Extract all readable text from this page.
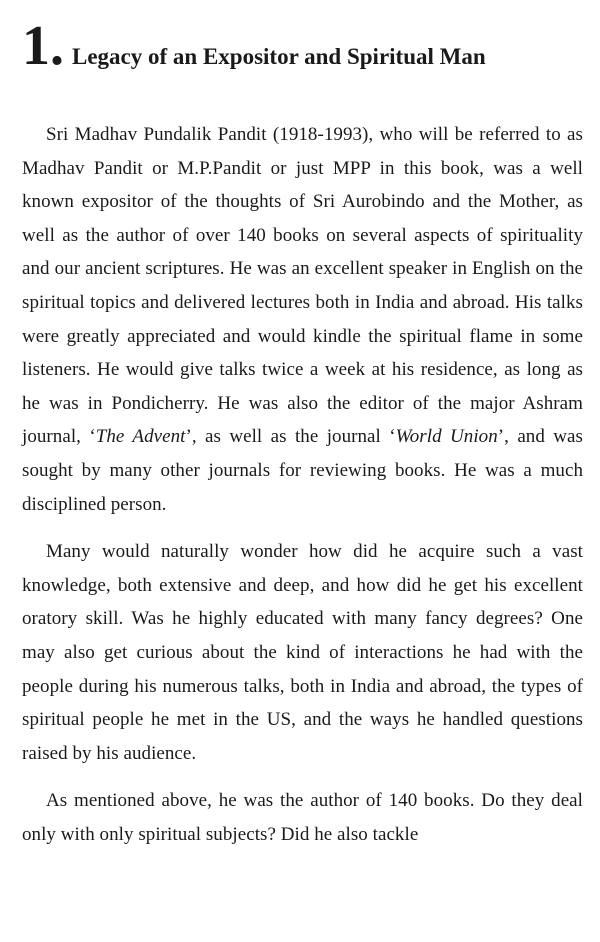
1. Legacy of an Expositor and Spiritual Man

Sri Madhav Pundalik Pandit (1918-1993), who will be referred to as Madhav Pandit or M.P.Pandit or just MPP in this book, was a well known expositor of the thoughts of Sri Aurobindo and the Mother, as well as the author of over 140 books on several aspects of spirituality and our ancient scriptures. He was an excellent speaker in English on the spiritual topics and delivered lectures both in India and abroad. His talks were greatly appreciated and would kindle the spiritual flame in some listeners. He would give talks twice a week at his residence, as long as he was in Pondicherry. He was also the editor of the major Ashram journal, ‘The Advent’, as well as the journal ‘World Union’, and was sought by many other journals for reviewing books. He was a much disciplined person.

Many would naturally wonder how did he acquire such a vast knowledge, both extensive and deep, and how did he get his excellent oratory skill. Was he highly educated with many fancy degrees? One may also get curious about the kind of interactions he had with the people during his numerous talks, both in India and abroad, the types of spiritual people he met in the US, and the ways he handled questions raised by his audience.

As mentioned above, he was the author of 140 books. Do they deal only with only spiritual subjects? Did he also tackle
